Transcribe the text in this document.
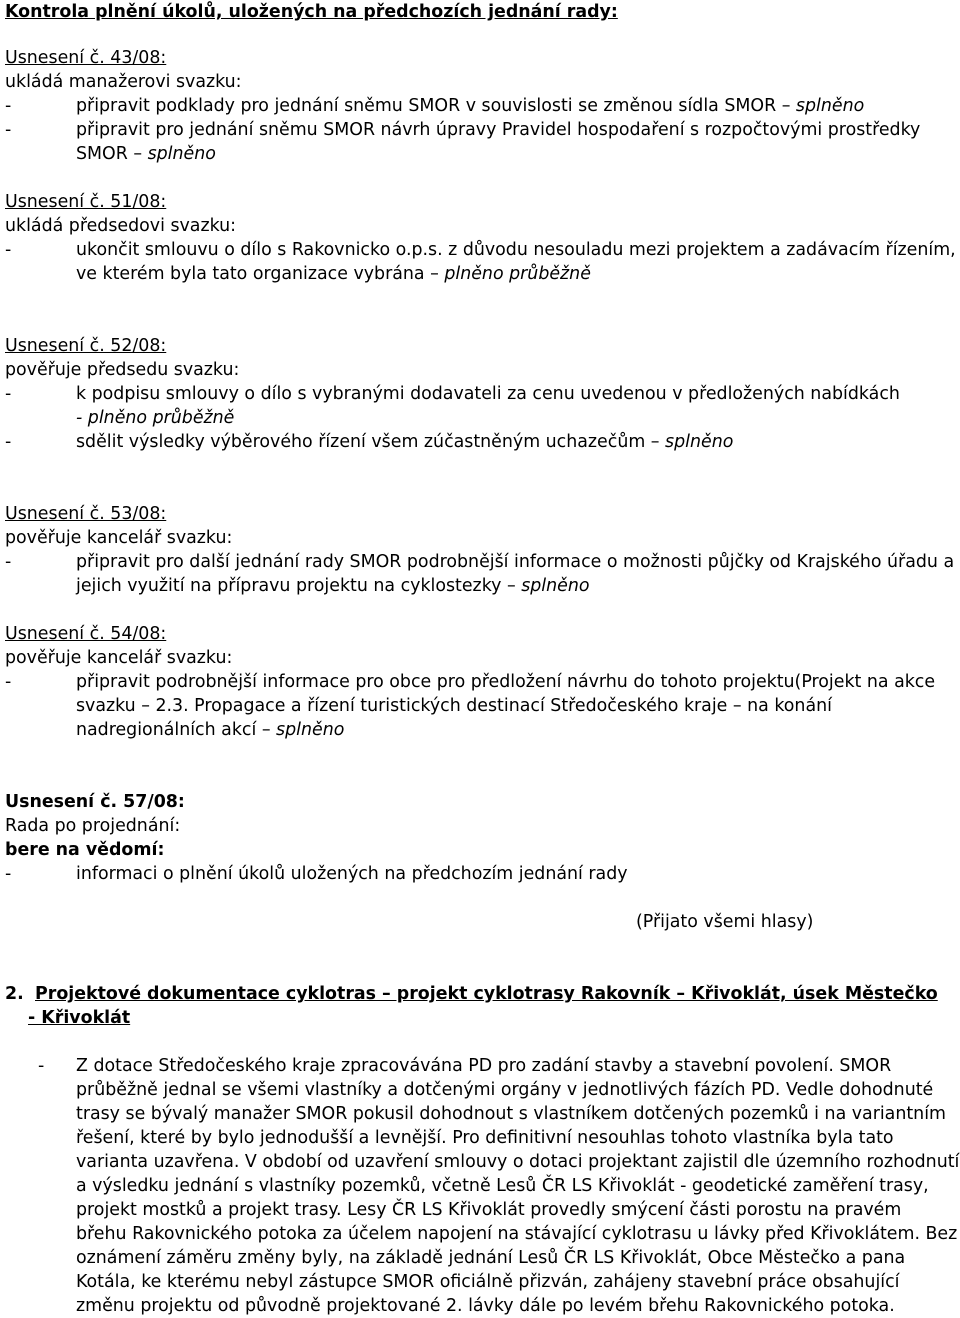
Kontrola plnění úkolů, uložených na předchozích jednání rady:
Usnesení č. 43/08:
ukládá manažerovi svazku:
-	připravit podklady pro jednání sněmu SMOR v souvislosti se změnou sídla SMOR – splněno
-	připravit pro jednání sněmu SMOR návrh úpravy Pravidel hospodaření s rozpočtovými prostředky
SMOR – splněno
Usnesení č. 51/08:
ukládá předsedovi svazku:
-	ukončit smlouvu o dílo s Rakovnicko o.p.s. z důvodu nesouladu mezi projektem a zadávacím řízením,
ve kterém byla tato organizace vybrána – plněno průběžně
Usnesení č. 52/08:
pověřuje předsedu svazku:
-	k podpisu smlouvy o dílo s vybranými dodavateli za cenu uvedenou v předložených nabídkách
- plněno průběžně
-	sdělit výsledky výběrového řízení všem zúčastněným uchazečům – splněno
Usnesení č. 53/08:
pověřuje kancelář svazku:
-	připravit pro další jednání rady SMOR podrobnější informace o možnosti půjčky od Krajského úřadu a
jejich využití na přípravu projektu na cyklostezky – splněno
Usnesení č. 54/08:
pověřuje kancelář svazku:
-	připravit podrobnější informace pro obce pro předložení návrhu do tohoto projektu(Projekt na akce
svazku – 2.3. Propagace a řízení turistických destinací Středočeského kraje – na konání
nadregionálních akcí – splněno
Usnesení č. 57/08:
Rada po projednání:
bere na vědomí:
-	informaci o plnění úkolů uložených na předchozím jednání rady
(Přijato všemi hlasy)
2. Projektové dokumentace cyklotras – projekt cyklotrasy Rakovník – Křivoklát, úsek Městečko
- Křivoklát
- Z dotace Středočeského kraje zpracovávána PD pro zadání stavby a stavební povolení. SMOR
průběžně jednal se všemi vlastníky a dotčenými orgány v jednotlivých fázích PD. Vedle dohodnuté
trasy se bývalý manažer SMOR pokusil dohodnout s vlastníkem dotčených pozemků i na variantním
řešení, které by bylo jednodušší a levnější. Pro definitivní nesouhlas tohoto vlastníka byla tato
varianta uzavřena. V období od uzavření smlouvy o dotaci projektant zajistil dle územního rozhodnutí
a výsledku jednání s vlastníky pozemků, včetně Lesů ČR LS Křivoklát - geodetické zaměření trasy,
projekt mostků a projekt trasy. Lesy ČR LS Křivoklát provedly smýcení části porostu na pravém
břehu Rakovnického potoka za účelem napojení na stávající cyklotrasu u lávky před Křivoklátem. Bez
oznámení záměru změny byly, na základě jednání Lesů ČR LS Křivoklát, Obce Městečko a pana
Kotála, ke kterému nebyl zástupce SMOR oficiálně přizván, zahájeny stavební práce obsahující
změnu projektu od původně projektované 2. lávky dále po levém břehu Rakovnického potoka.
